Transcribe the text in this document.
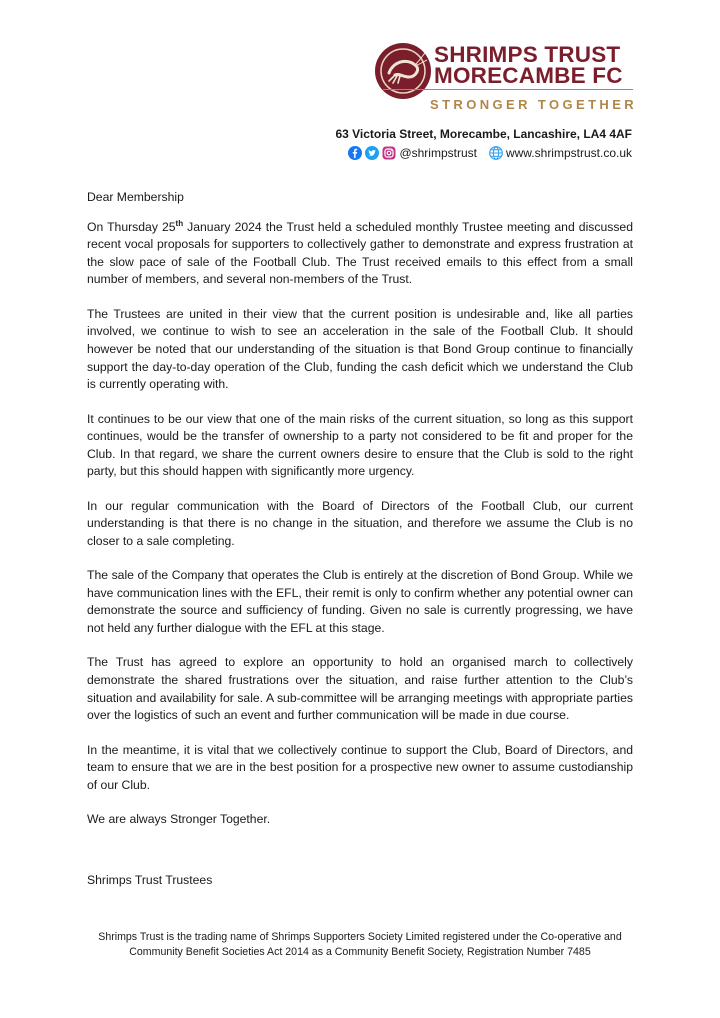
SHRIMPS TRUST
MORECAMBE FC
STRONGER TOGETHER
63 Victoria Street, Morecambe, Lancashire, LA4 4AF
@shrimpstrust www.shrimpstrust.co.uk

Dear Membership

On Thursday 25th January 2024 the Trust held a scheduled monthly Trustee meeting and discussed recent vocal proposals for supporters to collectively gather to demonstrate and express frustration at the slow pace of sale of the Football Club. The Trust received emails to this effect from a small number of members, and several non-members of the Trust.

The Trustees are united in their view that the current position is undesirable and, like all parties involved, we continue to wish to see an acceleration in the sale of the Football Club. It should however be noted that our understanding of the situation is that Bond Group continue to financially support the day-to-day operation of the Club, funding the cash deficit which we understand the Club is currently operating with.

It continues to be our view that one of the main risks of the current situation, so long as this support continues, would be the transfer of ownership to a party not considered to be fit and proper for the Club. In that regard, we share the current owners desire to ensure that the Club is sold to the right party, but this should happen with significantly more urgency.

In our regular communication with the Board of Directors of the Football Club, our current understanding is that there is no change in the situation, and therefore we assume the Club is no closer to a sale completing.

The sale of the Company that operates the Club is entirely at the discretion of Bond Group. While we have communication lines with the EFL, their remit is only to confirm whether any potential owner can demonstrate the source and sufficiency of funding. Given no sale is currently progressing, we have not held any further dialogue with the EFL at this stage.

The Trust has agreed to explore an opportunity to hold an organised march to collectively demonstrate the shared frustrations over the situation, and raise further attention to the Club’s situation and availability for sale. A sub-committee will be arranging meetings with appropriate parties over the logistics of such an event and further communication will be made in due course.

In the meantime, it is vital that we collectively continue to support the Club, Board of Directors, and team to ensure that we are in the best position for a prospective new owner to assume custodianship of our Club.

We are always Stronger Together.

Shrimps Trust Trustees
Shrimps Trust is the trading name of Shrimps Supporters Society Limited registered under the Co-operative and
Community Benefit Societies Act 2014 as a Community Benefit Society, Registration Number 7485
